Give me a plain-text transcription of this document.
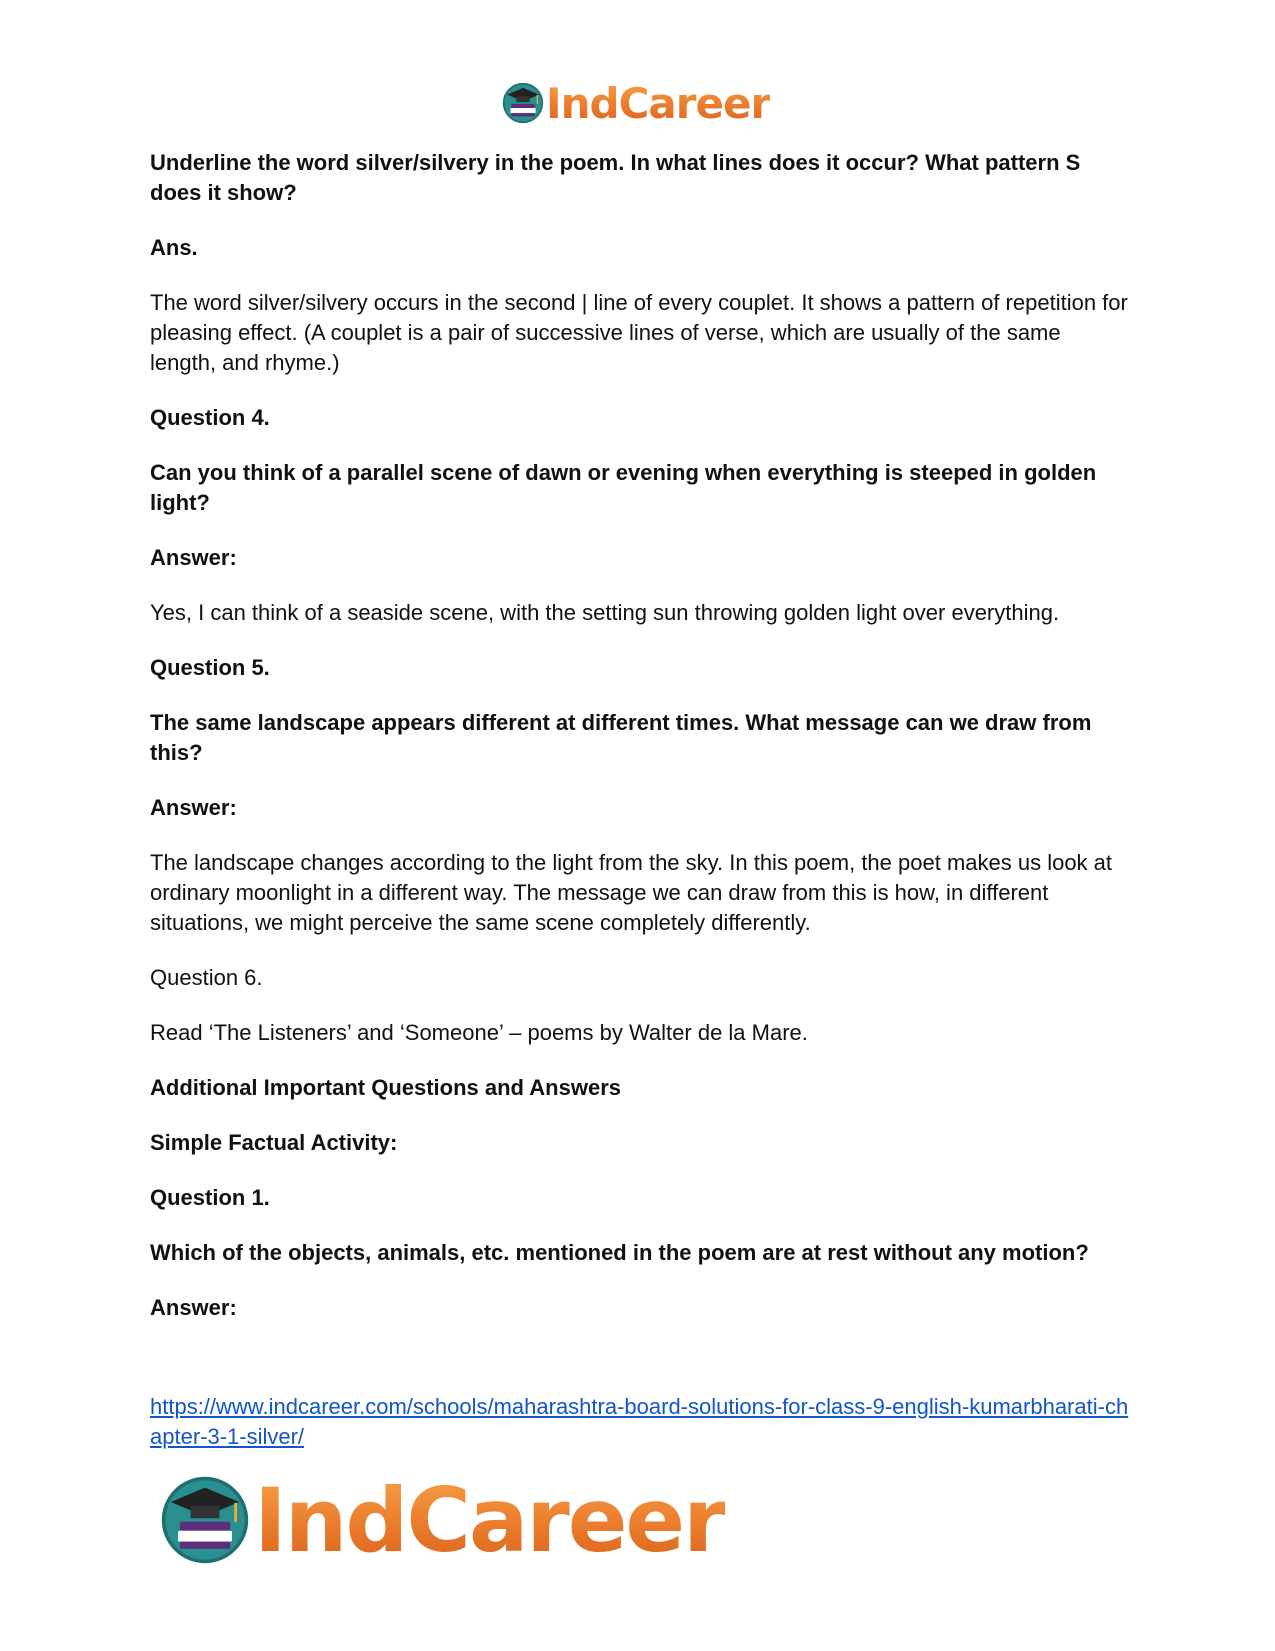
IndCareer

Underline the word silver/silvery in the poem. In what lines does it occur? What pattern S does it show?

Ans.

The word silver/silvery occurs in the second | line of every couplet. It shows a pattern of repetition for pleasing effect. (A couplet is a pair of successive lines of verse, which are usually of the same length, and rhyme.)

Question 4.

Can you think of a parallel scene of dawn or evening when everything is steeped in golden light?

Answer:

Yes, I can think of a seaside scene, with the setting sun throwing golden light over everything.

Question 5.

The same landscape appears different at different times. What message can we draw from this?

Answer:

The landscape changes according to the light from the sky. In this poem, the poet makes us look at ordinary moonlight in a different way. The message we can draw from this is how, in different situations, we might perceive the same scene completely differently.

Question 6.

Read ‘The Listeners’ and ‘Someone’ – poems by Walter de la Mare.

Additional Important Questions and Answers

Simple Factual Activity:

Question 1.

Which of the objects, animals, etc. mentioned in the poem are at rest without any motion?

Answer:

https://www.indcareer.com/schools/maharashtra-board-solutions-for-class-9-english-kumarbharati-chapter-3-1-silver/
IndCareer
